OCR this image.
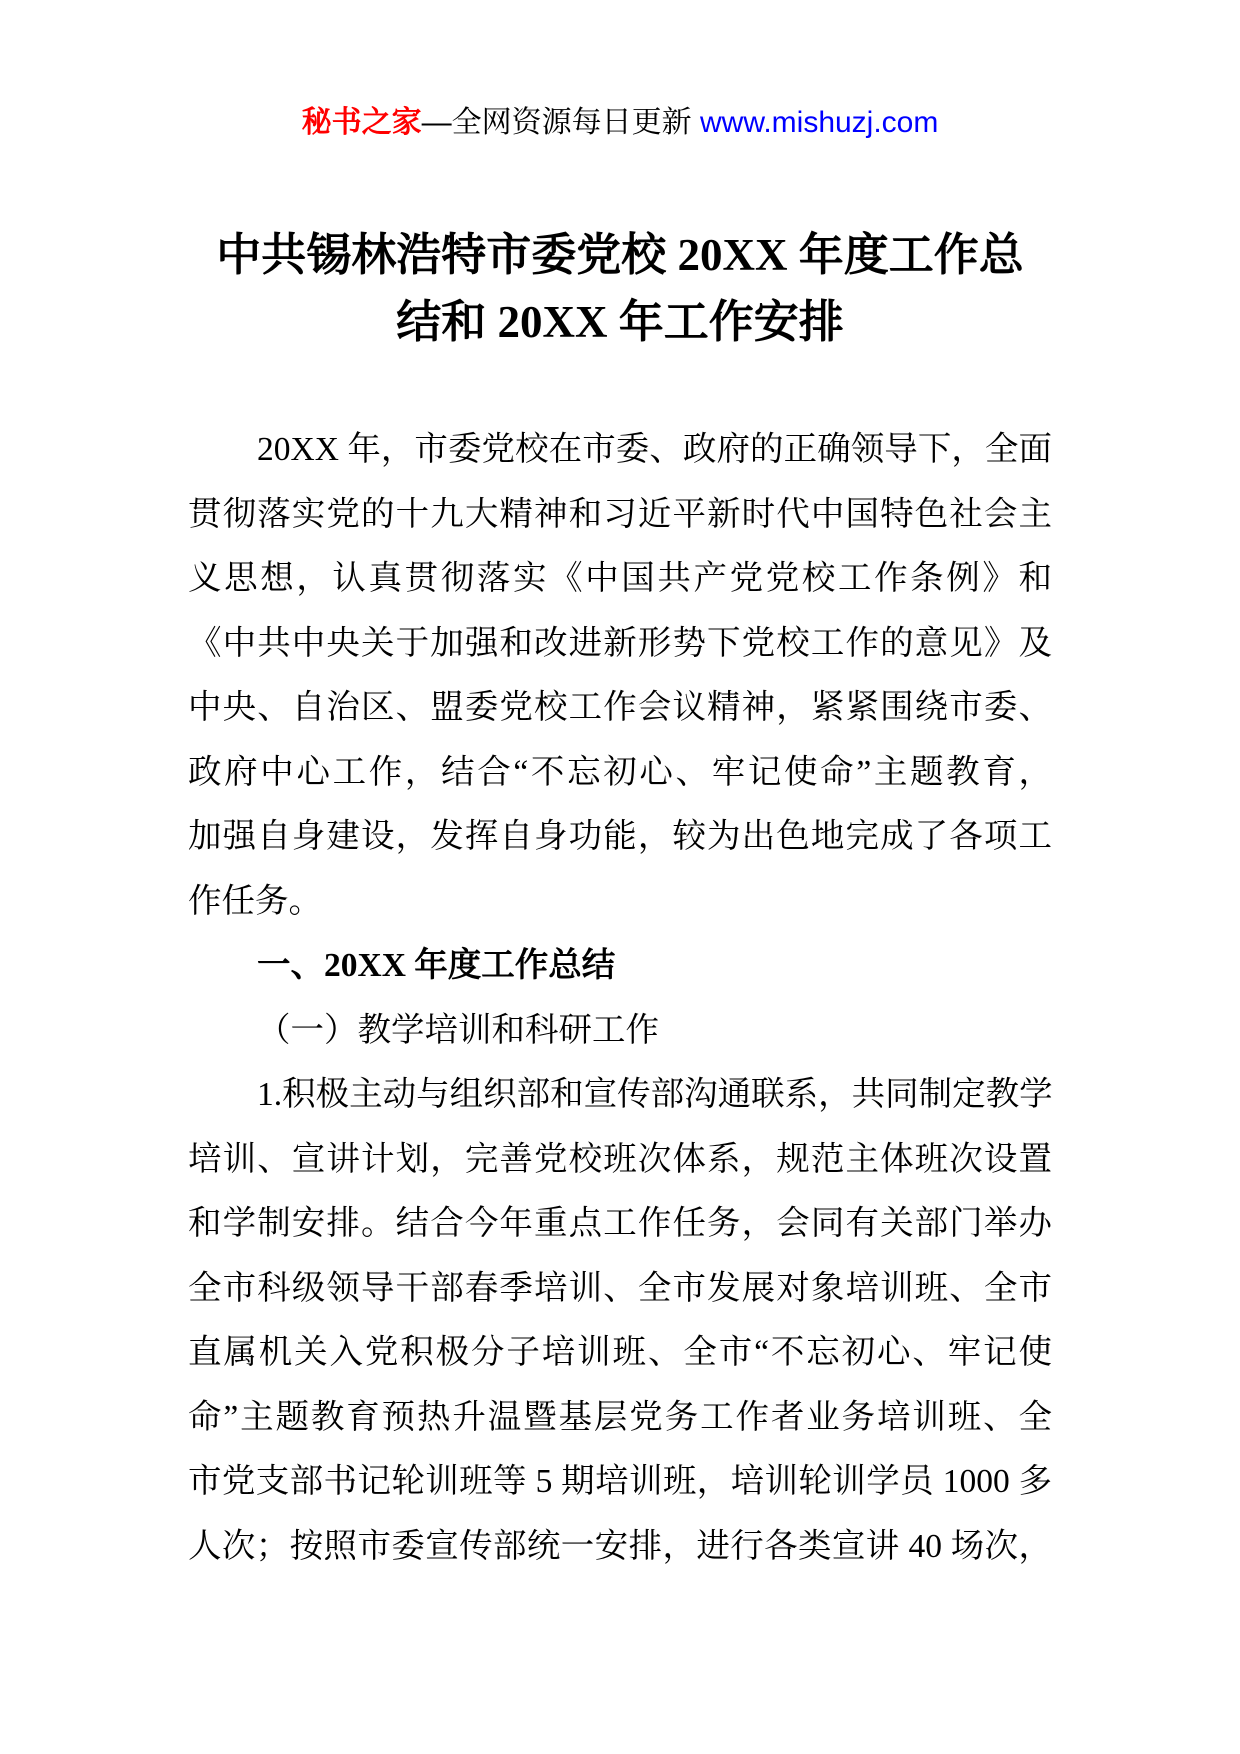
秘书之家—全网资源每日更新 www.mishuzj.com
中共锡林浩特市委党校 20XX 年度工作总
结和 20XX 年工作安排
20XX 年，市委党校在市委、政府的正确领导下，全面
贯彻落实党的十九大精神和习近平新时代中国特色社会主
义思想，认真贯彻落实《中国共产党党校工作条例》和
《中共中央关于加强和改进新形势下党校工作的意见》及
中央、自治区、盟委党校工作会议精神，紧紧围绕市委、
政府中心工作，结合“不忘初心、牢记使命”主题教育，
加强自身建设，发挥自身功能，较为出色地完成了各项工
作任务。
一、20XX 年度工作总结
（一）教学培训和科研工作
1.积极主动与组织部和宣传部沟通联系，共同制定教学
培训、宣讲计划，完善党校班次体系，规范主体班次设置
和学制安排。结合今年重点工作任务，会同有关部门举办
全市科级领导干部春季培训、全市发展对象培训班、全市
直属机关入党积极分子培训班、全市“不忘初心、牢记使
命”主题教育预热升温暨基层党务工作者业务培训班、全
市党支部书记轮训班等 5 期培训班，培训轮训学员 1000 多
人次；按照市委宣传部统一安排，进行各类宣讲 40 场次，
